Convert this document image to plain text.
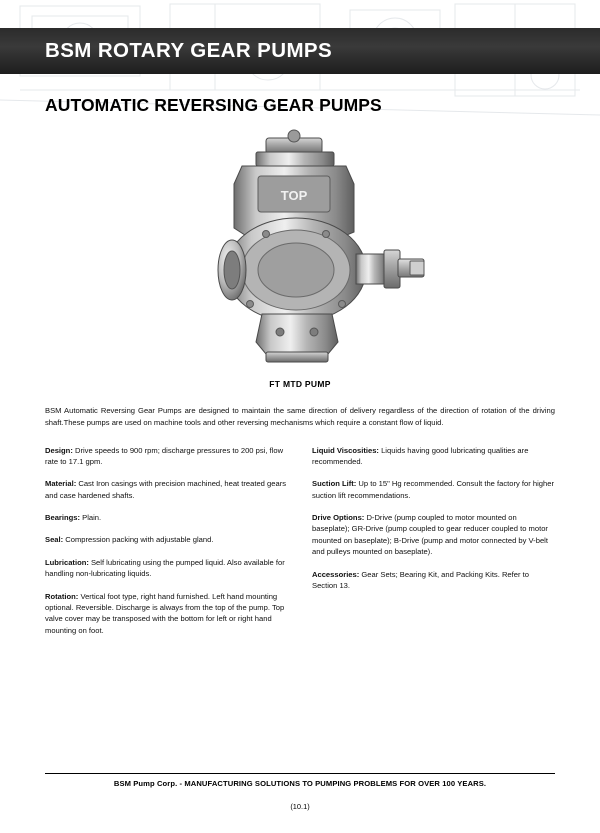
BSM ROTARY GEAR PUMPS
AUTOMATIC REVERSING GEAR PUMPS
TOP
FT MTD PUMP
BSM Automatic Reversing Gear Pumps are designed to maintain the same direction of delivery regardless of the direction of rotation of the driving shaft.These pumps are used on machine tools and other reversing mechanisms which require a constant flow of liquid.
Design: Drive speeds to 900 rpm; discharge pressures to 200 psi, flow rate to 17.1 gpm.
Material: Cast Iron casings with precision machined, heat treated gears and case hardened shafts.
Bearings: Plain.
Seal: Compression packing with adjustable gland.
Lubrication: Self lubricating using the pumped liquid. Also available for handling non-lubricating liquids.
Rotation: Vertical foot type, right hand furnished. Left hand mounting optional. Reversible. Discharge is always from the top of the pump. Top valve cover may be transposed with the bottom for left or right hand mounting on foot.
Liquid Viscosities: Liquids having good lubricating qualities are recommended.
Suction Lift: Up to 15" Hg recommended. Consult the factory for higher suction lift recommendations.
Drive Options: D-Drive (pump coupled to motor mounted on baseplate); GR-Drive (pump coupled to gear reducer coupled to motor mounted on baseplate); B-Drive (pump and motor connected by V-belt and pulleys mounted on baseplate).
Accessories: Gear Sets; Bearing Kit, and Packing Kits. Refer to Section 13.
BSM Pump Corp. - MANUFACTURING SOLUTIONS TO PUMPING PROBLEMS FOR OVER 100 YEARS.
(10.1)
